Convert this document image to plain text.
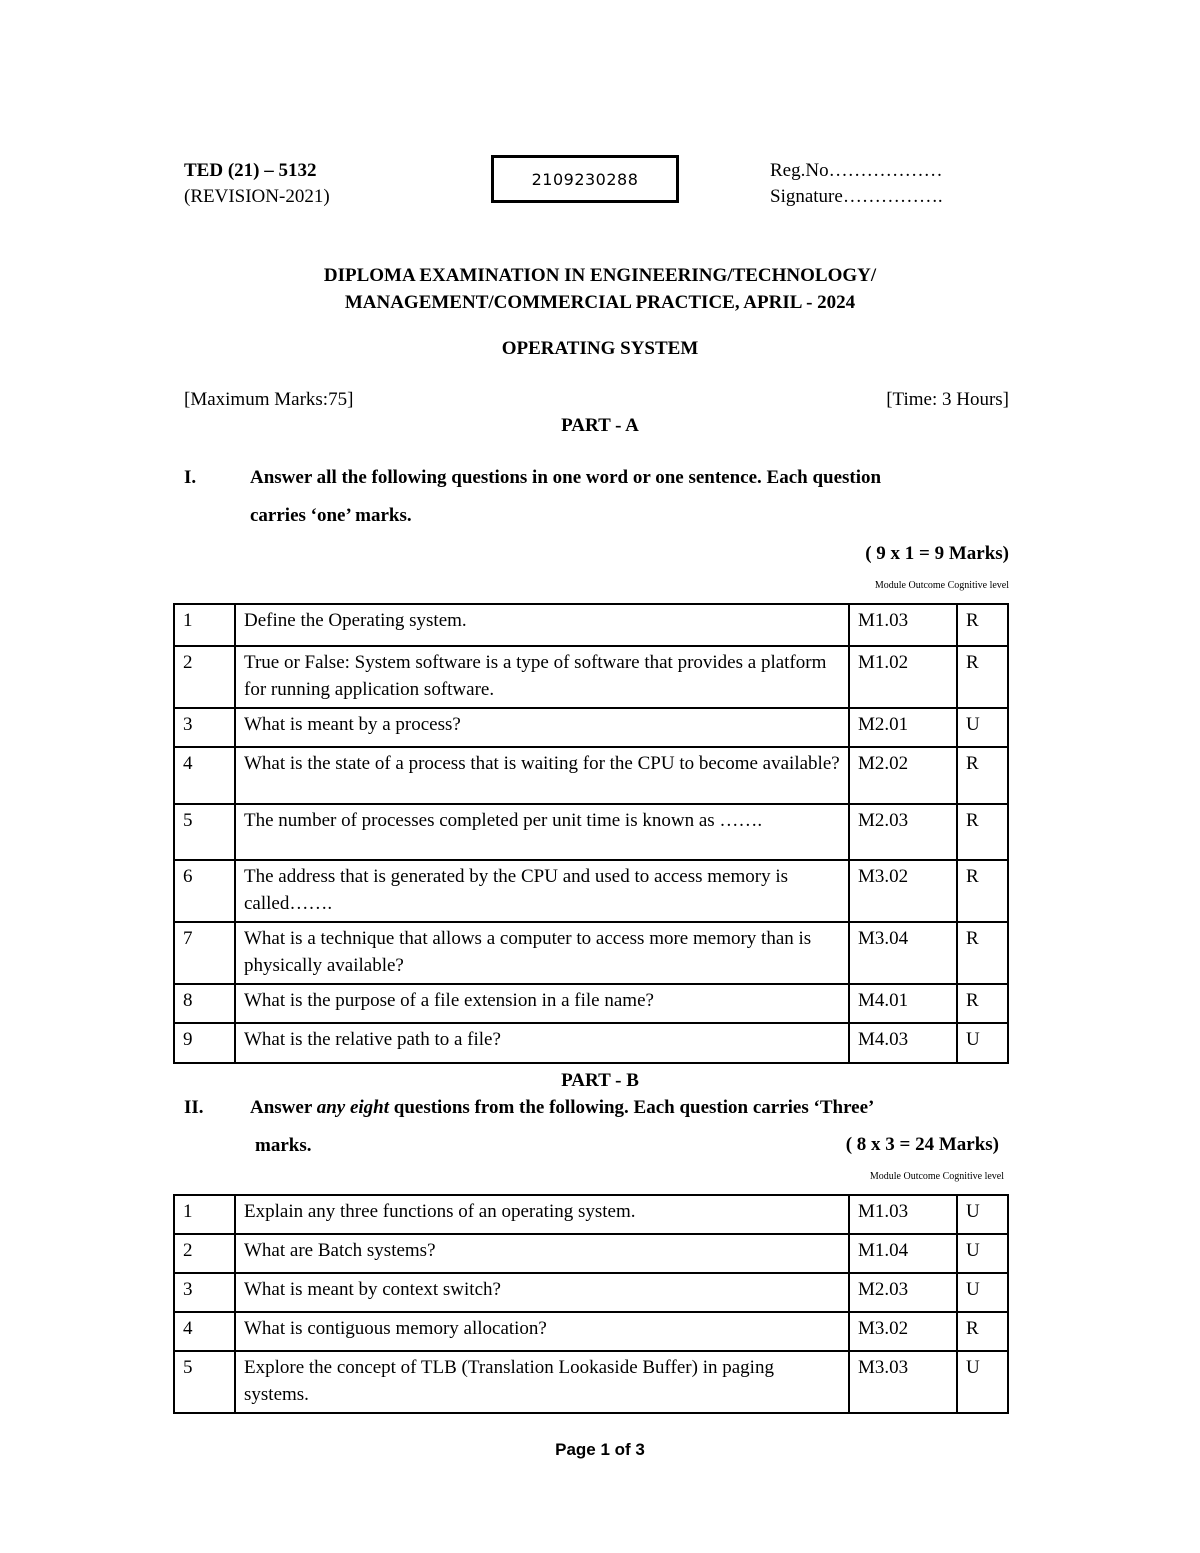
TED (21) – 5132
(REVISION-2021)
2109230288	Reg.No………………
Signature…………….
DIPLOMA EXAMINATION IN ENGINEERING/TECHNOLOGY/
MANAGEMENT/COMMERCIAL PRACTICE, APRIL - 2024
OPERATING SYSTEM
[Maximum Marks:75]	[Time: 3 Hours]
PART - A
I.	Answer all the following questions in one word or one sentence. Each question
carries ‘one’ marks.
( 9 x 1 = 9 Marks)
Module Outcome Cognitive level
1	Define the Operating system.	M1.03	R
2	True or False: System software is a type of software that provides a platform for running application software.	M1.02	R
3	What is meant by a process?	M2.01	U
4	What is the state of a process that is waiting for the CPU to become available?	M2.02	R
5	The number of processes completed per unit time is known as …….	M2.03	R
6	The address that is generated by the CPU and used to access memory is called…….	M3.02	R
7	What is a technique that allows a computer to access more memory than is physically available?	M3.04	R
8	What is the purpose of a file extension in a file name?	M4.01	R
9	What is the relative path to a file?	M4.03	U
PART - B
II. Answer any eight questions from the following. Each question carries ‘Three’
marks.	( 8 x 3 = 24 Marks)
Module Outcome Cognitive level
1	Explain any three functions of an operating system.	M1.03	U
2	What are Batch systems?	M1.04	U
3	What is meant by context switch?	M2.03	U
4	What is contiguous memory allocation?	M3.02	R
5	Explore the concept of TLB (Translation Lookaside Buffer) in paging systems.	M3.03	U
Page 1 of 3
